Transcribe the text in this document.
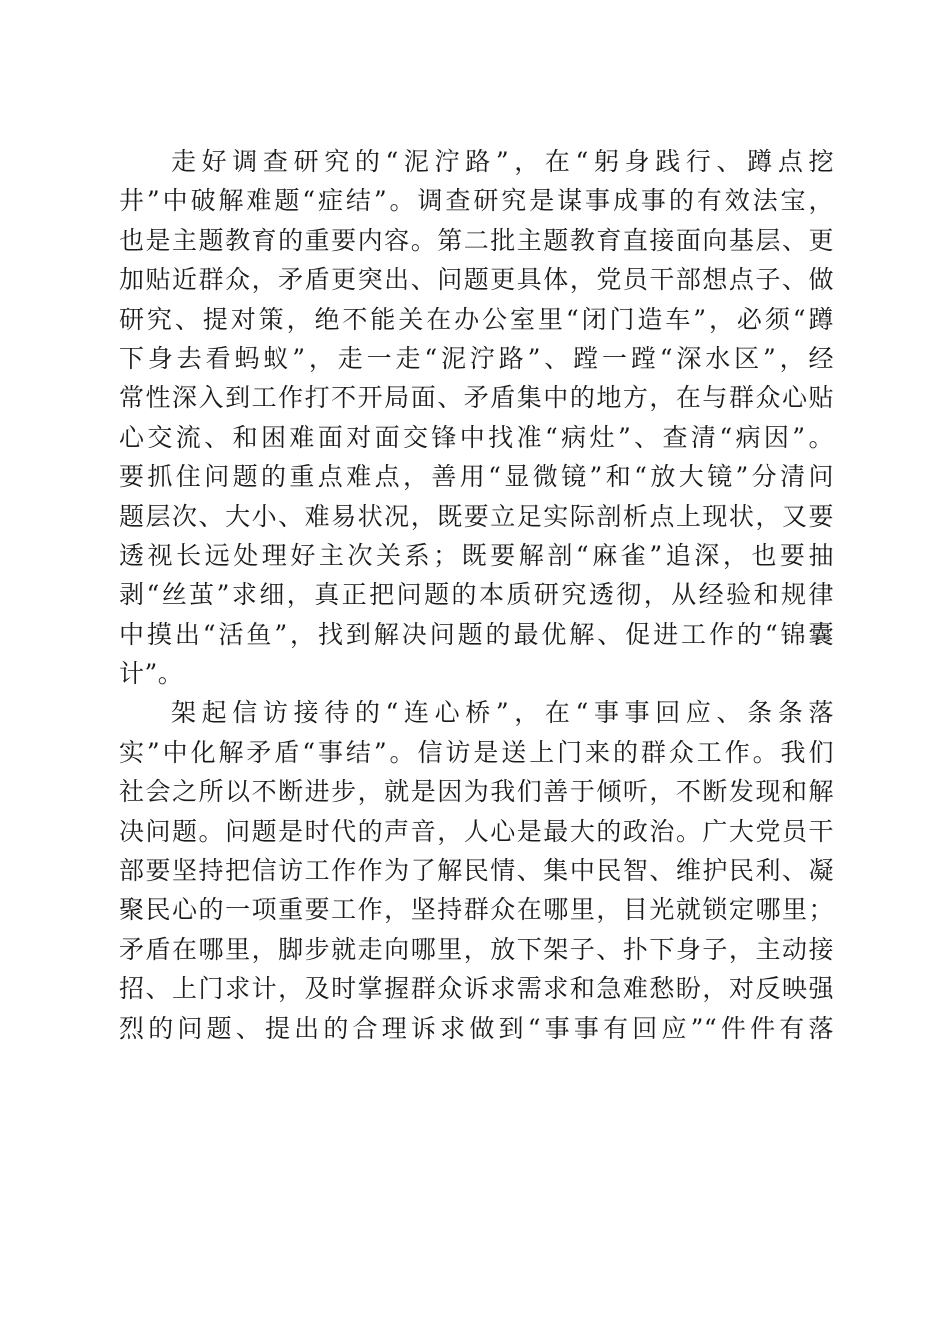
走好调查研究的“泥泞路”，在“躬身践行、蹲点挖
井”中破解难题“症结”。调查研究是谋事成事的有效法宝，
也是主题教育的重要内容。第二批主题教育直接面向基层、更
加贴近群众，矛盾更突出、问题更具体，党员干部想点子、做
研究、提对策，绝不能关在办公室里“闭门造车”，必须“蹲
下身去看蚂蚁”，走一走“泥泞路”、蹚一蹚“深水区”，经
常性深入到工作打不开局面、矛盾集中的地方，在与群众心贴
心交流、和困难面对面交锋中找准“病灶”、查清“病因”。
要抓住问题的重点难点，善用“显微镜”和“放大镜”分清问
题层次、大小、难易状况，既要立足实际剖析点上现状，又要
透视长远处理好主次关系；既要解剖“麻雀”追深，也要抽
剥“丝茧”求细，真正把问题的本质研究透彻，从经验和规律
中摸出“活鱼”，找到解决问题的最优解、促进工作的“锦囊
计”。
架起信访接待的“连心桥”，在“事事回应、条条落
实”中化解矛盾“事结”。信访是送上门来的群众工作。我们
社会之所以不断进步，就是因为我们善于倾听，不断发现和解
决问题。问题是时代的声音，人心是最大的政治。广大党员干
部要坚持把信访工作作为了解民情、集中民智、维护民利、凝
聚民心的一项重要工作，坚持群众在哪里，目光就锁定哪里；
矛盾在哪里，脚步就走向哪里，放下架子、扑下身子，主动接
招、上门求计，及时掌握群众诉求需求和急难愁盼，对反映强
烈的问题、提出的合理诉求做到“事事有回应”“件件有落
